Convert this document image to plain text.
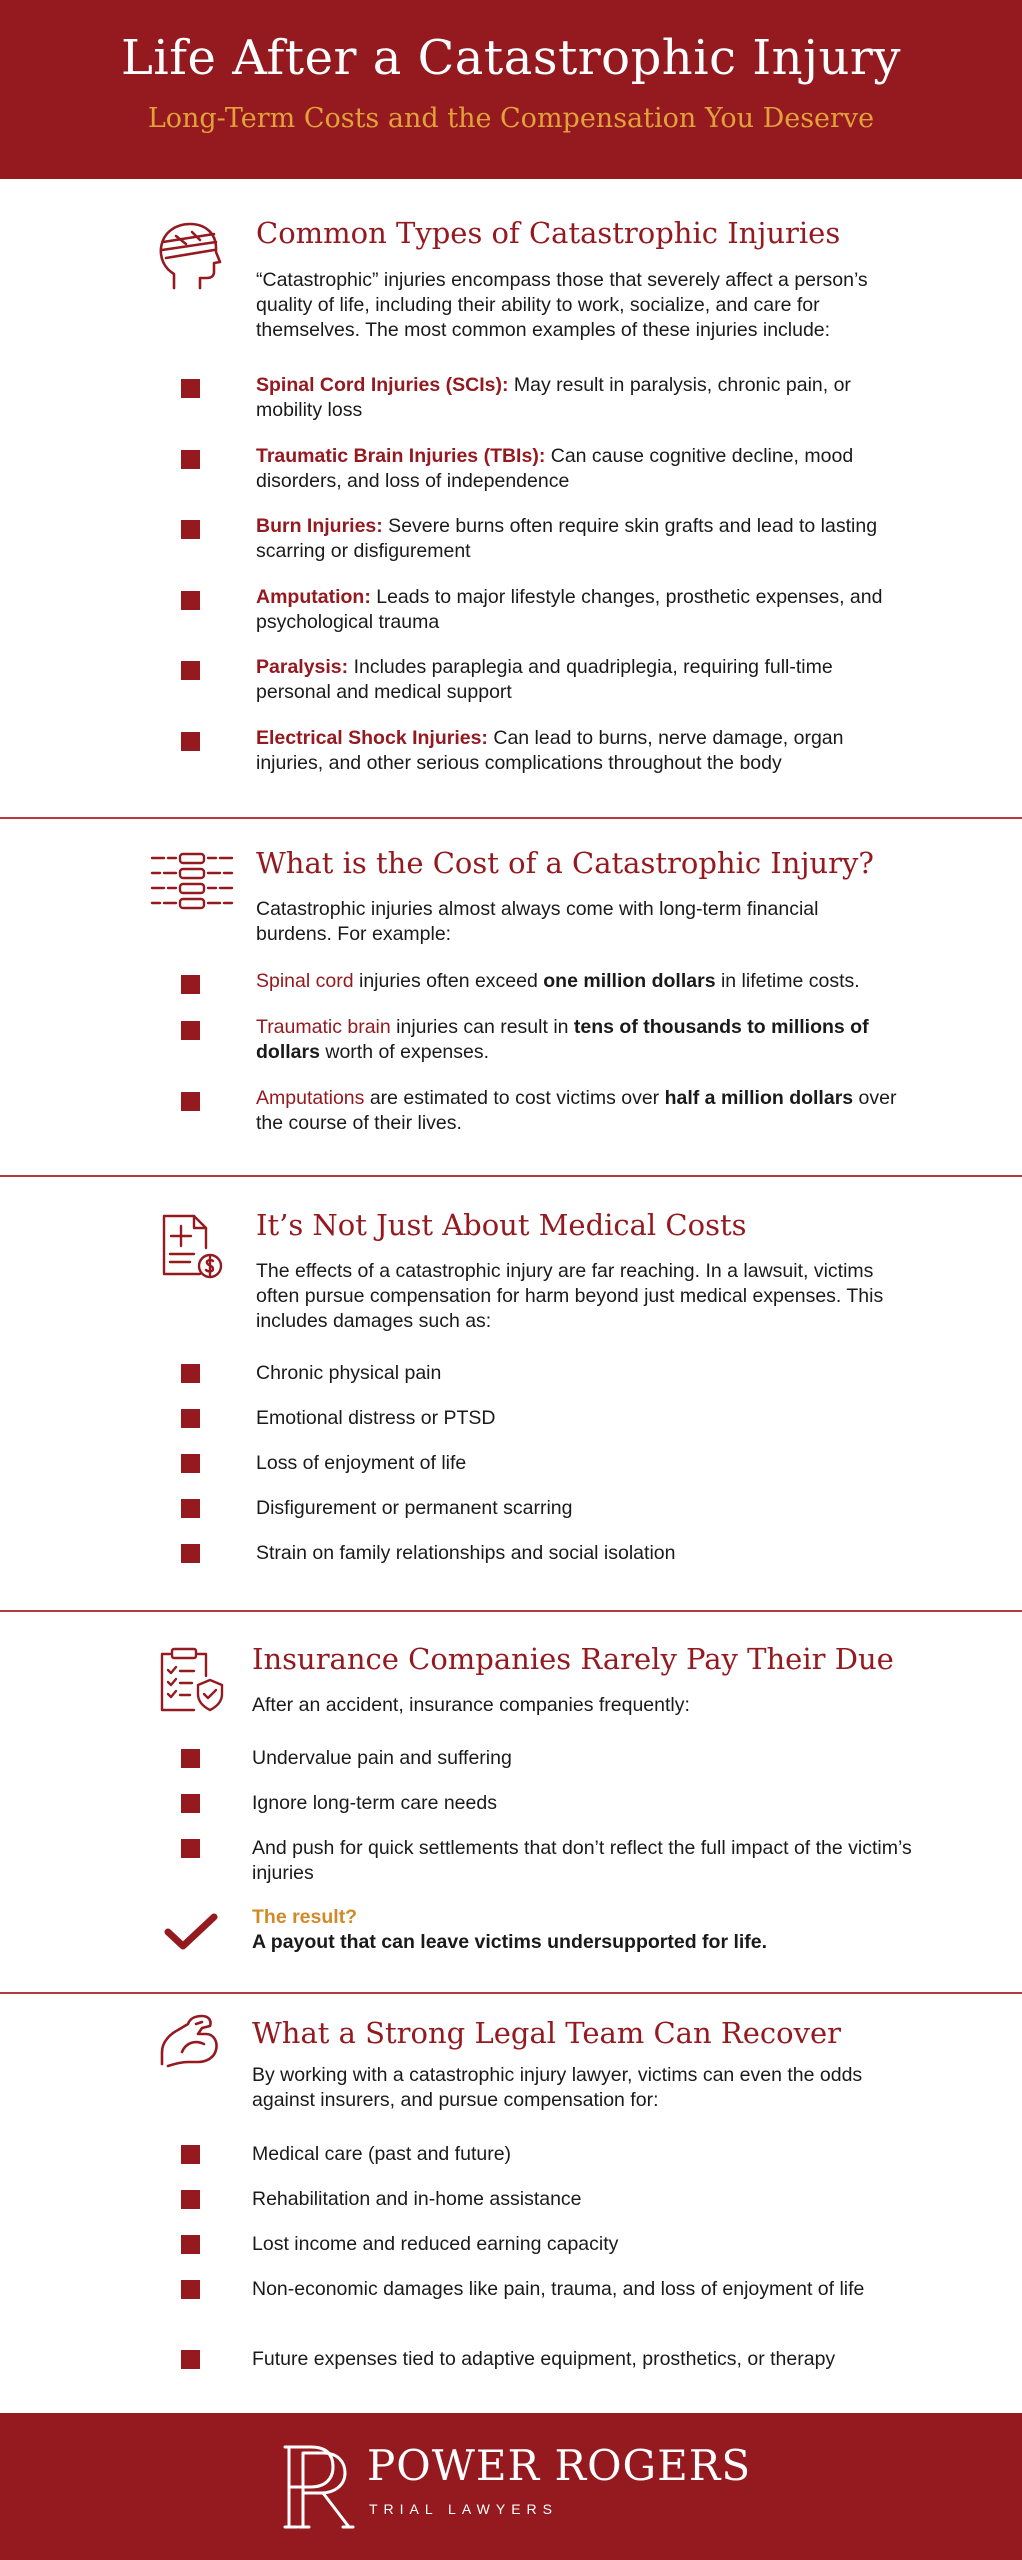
Life After a Catastrophic Injury
Long-Term Costs and the Compensation You Deserve
Common Types of Catastrophic Injuries

“Catastrophic” injuries encompass those that severely affect a person’s quality of life, including their ability to work, socialize, and care for themselves. The most common examples of these injuries include:

Spinal Cord Injuries (SCIs): May result in paralysis, chronic pain, or mobility loss

Traumatic Brain Injuries (TBIs): Can cause cognitive decline, mood disorders, and loss of independence

Burn Injuries: Severe burns often require skin grafts and lead to lasting scarring or disfigurement

Amputation: Leads to major lifestyle changes, prosthetic expenses, and psychological trauma

Paralysis: Includes paraplegia and quadriplegia, requiring full-time personal and medical support

Electrical Shock Injuries: Can lead to burns, nerve damage, organ injuries, and other serious complications throughout the body

What is the Cost of a Catastrophic Injury?

Catastrophic injuries almost always come with long-term financial burdens. For example:

Spinal cord injuries often exceed one million dollars in lifetime costs.

Traumatic brain injuries can result in tens of thousands to millions of dollars worth of expenses.

Amputations are estimated to cost victims over half a million dollars over the course of their lives.

It’s Not Just About Medical Costs

The effects of a catastrophic injury are far reaching. In a lawsuit, victims often pursue compensation for harm beyond just medical expenses. This includes damages such as:

Chronic physical pain

Emotional distress or PTSD

Loss of enjoyment of life

Disfigurement or permanent scarring

Strain on family relationships and social isolation

Insurance Companies Rarely Pay Their Due

After an accident, insurance companies frequently:

Undervalue pain and suffering

Ignore long-term care needs

And push for quick settlements that don’t reflect the full impact of the victim’s injuries

The result?
A payout that can leave victims undersupported for life.
What a Strong Legal Team Can Recover

By working with a catastrophic injury lawyer, victims can even the odds against insurers, and pursue compensation for:

Medical care (past and future)

Rehabilitation and in-home assistance

Lost income and reduced earning capacity

Non-economic damages like pain, trauma, and loss of enjoyment of life

Future expenses tied to adaptive equipment, prosthetics, or therapy

POWER ROGERS

TRIAL LAWYERS
